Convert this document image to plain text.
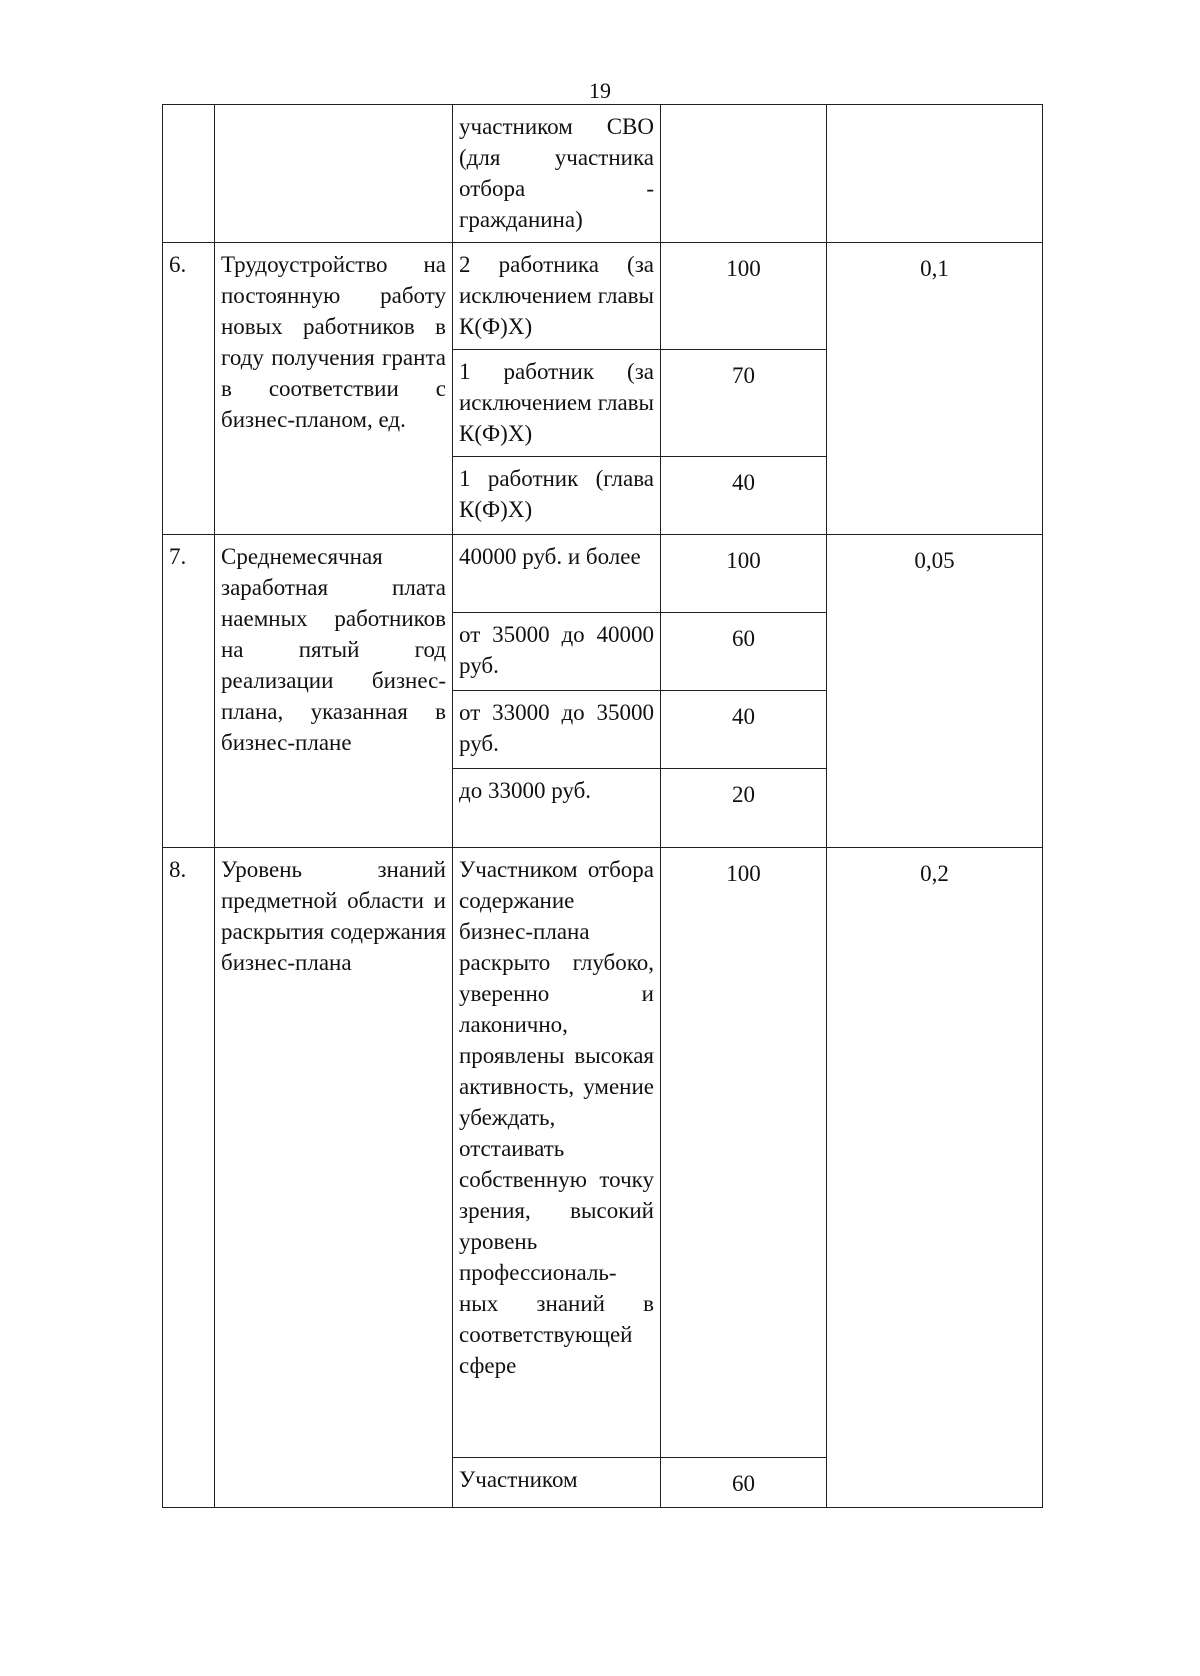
19
		участником СВО (для участника отбора - гражданина)		
6.	Трудоустройство на постоянную работу новых работников в году получения гранта в соответствии с бизнес-планом, ед.	2 работника (за исключением главы К(Ф)Х)	100	0,1
		1 работник (за исключением главы К(Ф)Х)	70	
		1 работник (глава К(Ф)Х)	40	
7.	Среднемесячная заработная плата наемных работников на пятый год реализации бизнес-плана, указанная в бизнес-плане	40000 руб. и более	100	0,05
		от 35000 до 40000 руб.	60	
		от 33000 до 35000 руб.	40	
		до 33000 руб.	20	
8.	Уровень знаний предметной области и раскрытия содержания бизнес-плана	Участником отбора содержание бизнес-плана раскрыто глубоко, уверенно и лаконично, проявлены высокая активность, умение убеждать, отстаивать собственную точку зрения, высокий уровень профессиональ-ных знаний в соответствующей сфере	100	0,2
		Участником	60	
